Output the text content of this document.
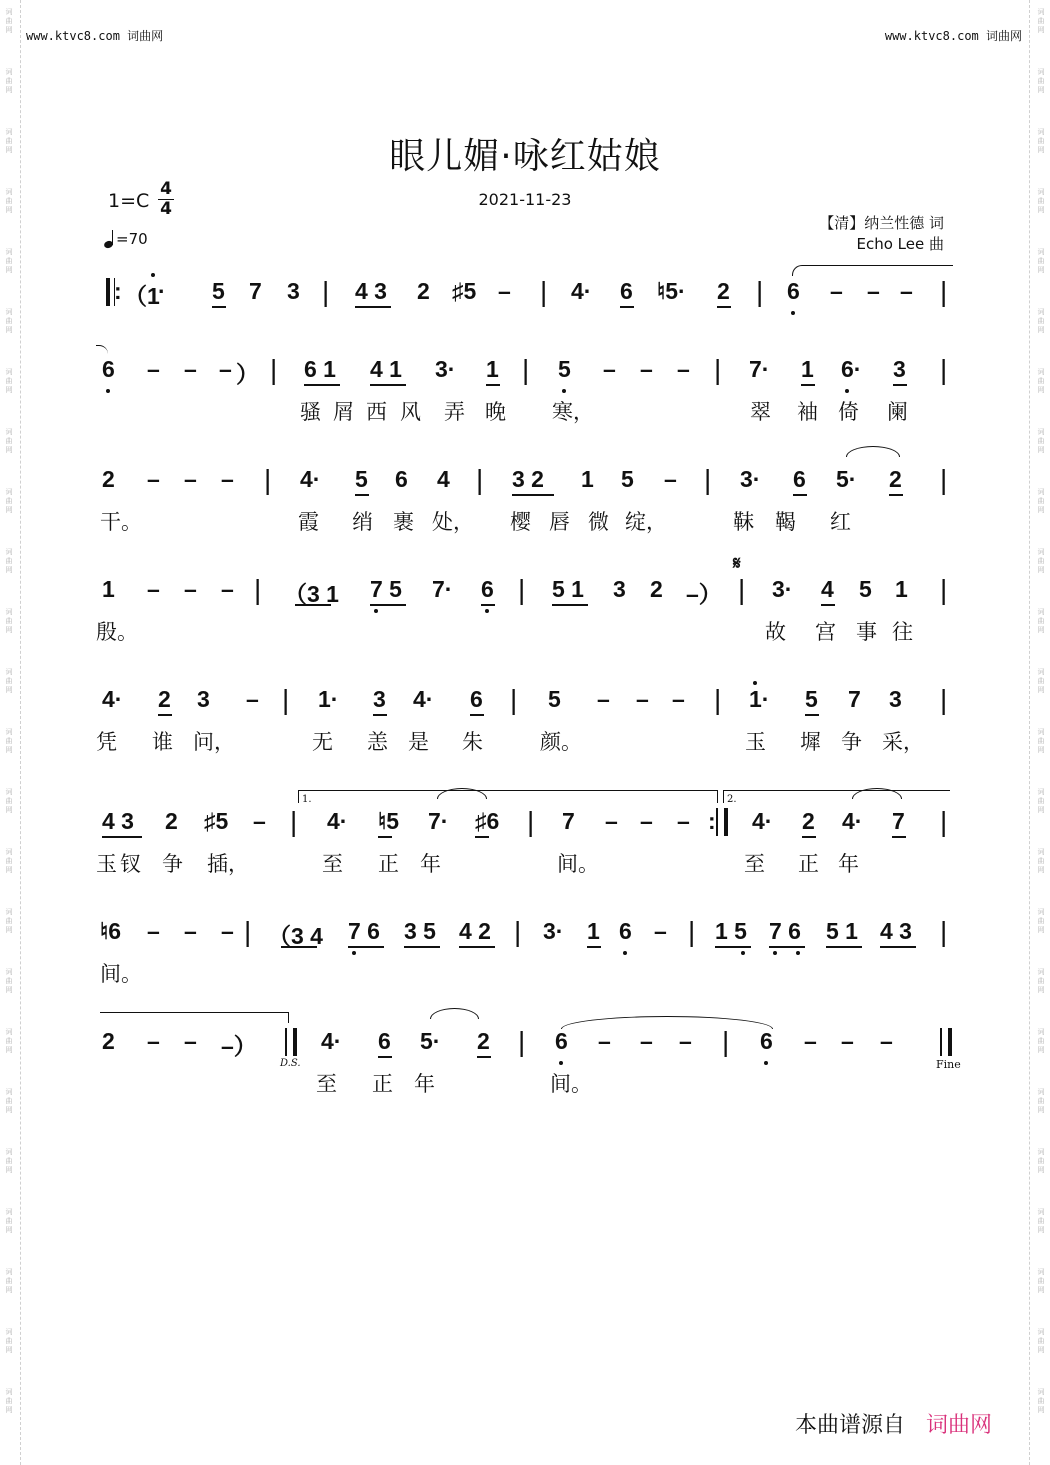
词
曲
网
词
曲
网
词
曲
网
词
曲
网
词
曲
网
词
曲
网
词
曲
网
词
曲
网
词
曲
网
词
曲
网
词
曲
网
词
曲
网
词
曲
网
词
曲
网
词
曲
网
词
曲
网
词
曲
网
词
曲
网
词
曲
网
词
曲
网
词
曲
网
词
曲
网
词
曲
网
词
曲
网
词
曲
网
词
曲
网
词
曲
网
词
曲
网
词
曲
网
词
曲
网
词
曲
网
词
曲
网
词
曲
网
词
曲
网
词
曲
网
词
曲
网
词
曲
网
词
曲
网
词
曲
网
词
曲
网
词
曲
网
词
曲
网
词
曲
网
词
曲
网
词
曲
网
词
曲
网
词
曲
网
词
曲
网
www.ktvc8.com 词曲网	www.ktvc8.com 词曲网
眼儿媚·咏红姑娘
2021-11-23
1=C
4
4
=70
【清】纳兰性德 词
Echo Lee 曲
: （1
· 5 7 3 | 4 3 2 ♯5 – | 4· 6 ♮5· 2 | 6 – – – |
6 – – – ） | 6 1 4 1 3· 1 | 5 – – – | 7· 1 6· 3 |
骚 屑 西 风 弄 晚 寒，	翠 袖 倚 阑
2 – – – | 4· 5 6 4 | 3 2 1 5 – | 3· 6 5· 2 |
干。	霞 绡 裹 处， 樱 唇 微 绽，	靺 鞨 红
1 – – – | （3 1 7 5 7· 6 | 5 1 3 2 –） | 3· 4 5 1 |
𝄋
殷。	故 宫 事 往
4· 2 3 – | 1· 3 4· 6 | 5 – – – | 1· 5 7 3 |
凭 谁 问，	无 恙 是 朱	颜。	玉 墀 争 采，
4 3 2 ♯5 – | 4· ♮5 7· ♯6 | 7 – – – : 4· 2 4· 7 |
1.	2.
玉 钗 争 插，	至 正 年	间。	至 正 年
♮6 – – – | （3 4 7 6 3 5 4 2 | 3· 1 6 – | 1 5 7 6 5 1 4 3 |
间。
2 – – –）
D.S.
4· 6 5· 2 | 6 – – – | 6 – – –
Fine
至 正 年	间。
本曲谱源自 词曲网
